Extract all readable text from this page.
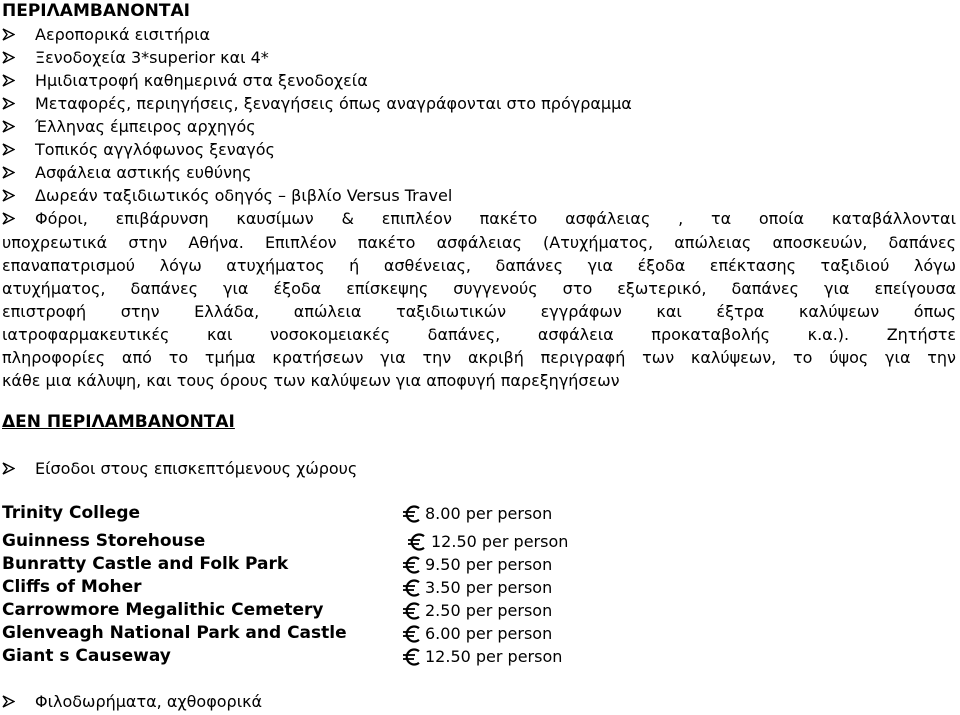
ΠΕΡΙΛΑΜΒΑΝΟΝΤΑΙ
Αεροπορικά εισιτήρια
Ξενοδοχεία 3*superior και 4*
Ημιδιατροφή καθημερινά στα ξενοδοχεία
Μεταφορές, περιηγήσεις, ξεναγήσεις όπως αναγράφονται στο πρόγραμμα
Έλληνας έμπειρος αρχηγός
Τοπικός αγγλόφωνος ξεναγός
Ασφάλεια αστικής ευθύνης
Δωρεάν ταξιδιωτικός οδηγός – βιβλίο Versus Travel
Φόροι, επιβάρυνση καυσίμων & επιπλέον πακέτο ασφάλειας , τα οποία καταβάλλονται
υποχρεωτικά στην Αθήνα. Επιπλέον πακέτο ασφάλειας (Ατυχήματος, απώλειας αποσκευών, δαπάνες
επαναπατρισμού λόγω ατυχήματος ή ασθένειας, δαπάνες για έξοδα επέκτασης ταξιδιού λόγω
ατυχήματος, δαπάνες για έξοδα επίσκεψης συγγενούς στο εξωτερικό, δαπάνες για επείγουσα
επιστροφή στην Ελλάδα, απώλεια ταξιδιωτικών εγγράφων και έξτρα καλύψεων όπως
ιατροφαρμακευτικές και νοσοκομειακές δαπάνες, ασφάλεια προκαταβολής κ.α.). Ζητήστε
πληροφορίες από το τμήμα κρατήσεων για την ακριβή περιγραφή των καλύψεων, το ύψος για την
κάθε μια κάλυψη, και τους όρους των καλύψεων για αποφυγή παρεξηγήσεων
ΔΕΝ ΠΕΡΙΛΑΜΒΑΝΟΝΤΑΙ
Είσοδοι στους επισκεπτόμενους χώρους
Trinity College	8.00 per person
Guinness Storehouse	12.50 per person
Bunratty Castle and Folk Park	9.50 per person
Cliffs of Moher	3.50 per person
Carrowmore Megalithic Cemetery	2.50 per person
Glenveagh National Park and Castle	6.00 per person
Giant s Causeway	12.50 per person
Φιλοδωρήματα, αχθοφορικά
